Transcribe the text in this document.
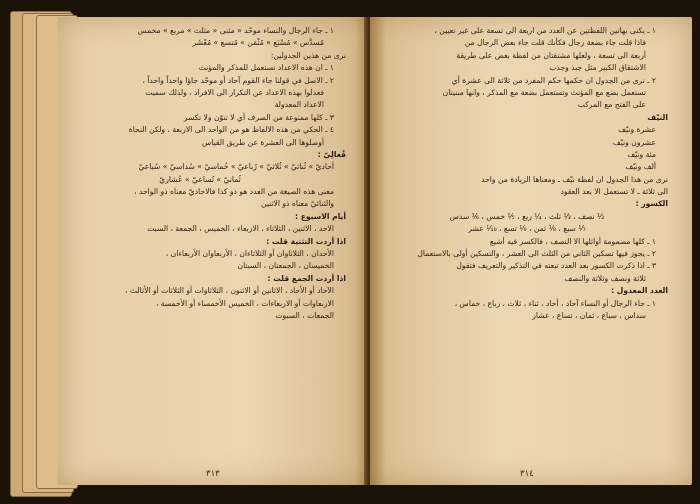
١ ـ جاء الرجال والنساء موحّد « مثنى « مثلث » مربع » مخمس
مُسدَّس » مُسْبَع » مُثْمَن » مُتسع » مُعْشَر
نرى من هذين الجدولين:
١ ـ ان هذه الاعداد تستعمل للمذكر والمؤنث
٢ ـ الاصل في قولنا جاء القوم آحاد أو موحّد جاؤا واحداً واحداً ،
فعدلوا بهذه الاعداد عن التكرار الى الافراد ، ولذلك سميت
الاعداد المعدولة
٣ ـ كلها ممنوعة من الصرف أي لا تنوّن ولا تكسر
٤ ـ الحكي من هذه الالفاظ هو من الواحد الى الاربعة ، ولكن النحاة
أوصلوها الى العشرة عن طريق القياس
فُعالِيّ :
أُحاديّ » ثُنائيّ » ثُلاثيّ » رُباعيّ » خُماسيّ » سُداسيّ » سُباعيّ
ثُمانيّ » تُساعيّ » عُشاريّ
معنى هذه الصيغة من العدد هو ذو كذا فالاحاديّ معناه ذو الواحد ،
والثنائيّ معناه ذو الاثنين
أيام الاسبوع :
الاحد ، الاثنين ، الثلاثاء ، الاربعاء ، الخميس ، الجمعة ، السبت
اذا أردت التثنية قلت :
الأحدان ، الثلاثاوان أو الثلاثاءان ، الأربعاوان الأربعاءان ،
الخميسان ، الجمعتان ، السبتان
اذا أردت الجمع قلت :
الآحاد أو الأحاد ، الاثانين أو الاثنون ، الثلاثاوات أو الثلاثات أو الأثالث ،
الاربعاوات أو الاربعاءات ، الخميس الأخمساء أو الأخمسة ،
الجمعات ، السبوت
٣١٣
١ ـ يكنى بهاتين اللفظتين عن العدد من اربعة الى تسعة على غير تعيين ،
فاذا قلت جاء بضعة رجال فكأنك قلت جاء بعض الرجال من
أربعة الى تسعة ، ولعلها مشتقتان من لفظة بعض على طريقة
الاشتقاق الكبير مثل جبذ وجذب
٢ ـ نرى من الجدول ان حكمها حكم المفرد من ثلاثة الى عشرة أي
تستعمل بضع مع المؤنث وتستعمل بضعة مع المذكر ، وانها مبنيتان
على الفتح مع المركب
النيّف
عشرة ونيّف
عشرون ونيّف
مئة ونيّف
ألف ونيّف
نرى من هذا الجدول ان لفظة نيّف ـ ومعناها الزيادة من واحد
الى ثلاثة ـ لا تستعمل الا بعد العقود
الكسور :
½ نصف ، ⅓ ثلث ، ¼ ربع ، ⅕ خمس ، ⅙ سدس
⅐ سبع ، ⅛ ثمن ، ⅑ تسع ، ⅒ عشر
١ ـ كلها مضمومة أوائلها الا النصف ، فالكسر فيه أشيع
٢ ـ يجوز فيها تسكين الثاني من الثلث الى العشر ، والتسكين أولى بالاستعمال
٣ ـ اذا ذكرت الكسور بعد العدد تبعته في التذكير والتعريف فتقول
ثلاثة ونصف وثلاثة والنصف
العدد المعدول :
١ ـ جاء الرجال أو النساء آحاد ، أُحاد ، ثناء ، ثلاث ، رباع ، خماس ،
سداس ، سباع ، ثمان ، تساع ، عشار
٣١٤
